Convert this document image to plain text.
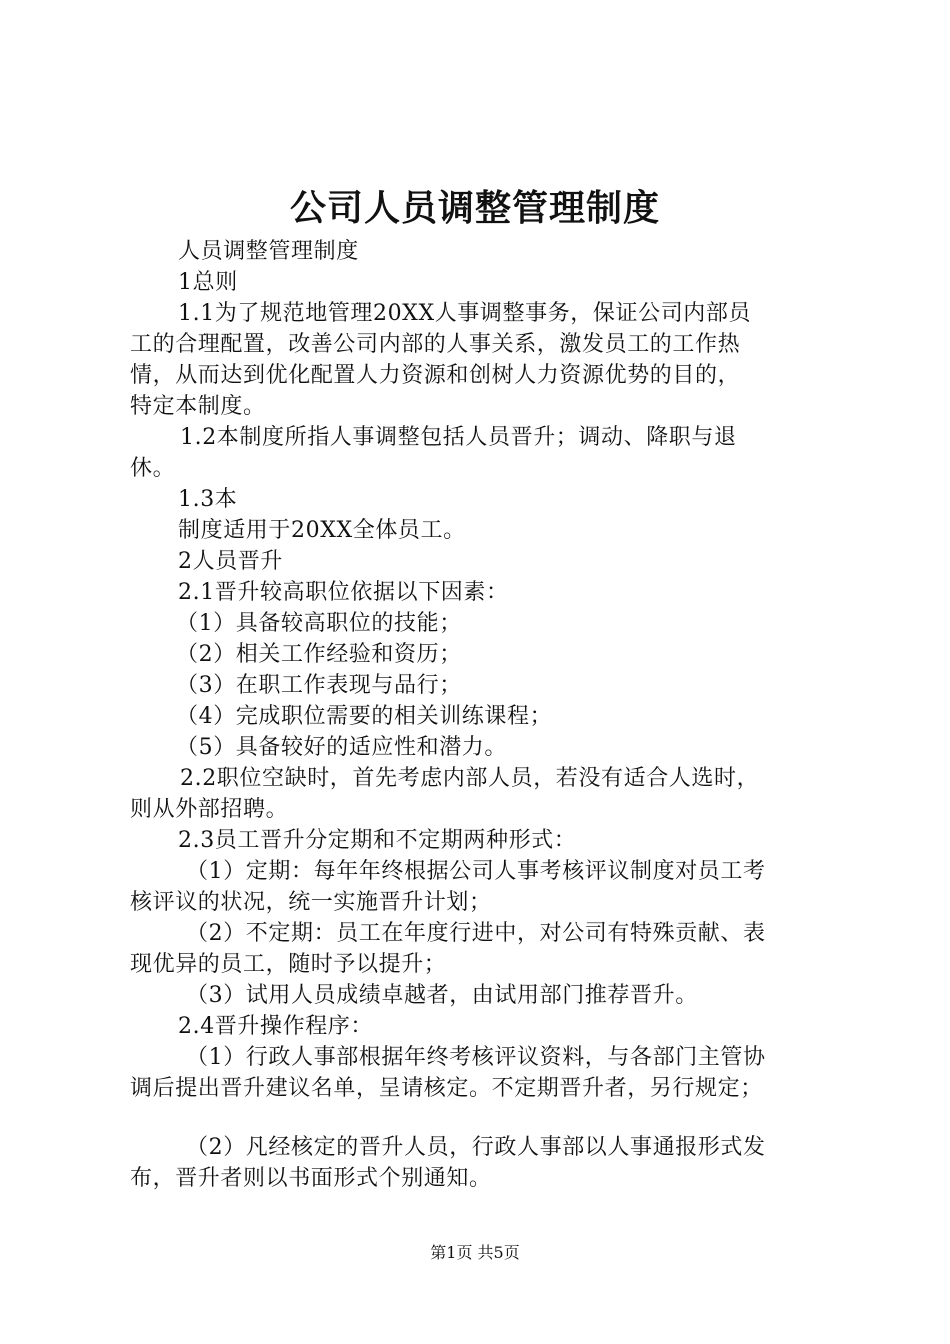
公司人员调整管理制度

人员调整管理制度

1总则

1.1为了规范地管理20XX人事调整事务，保证公司内部员

工的合理配置，改善公司内部的人事关系，激发员工的工作热

情，从而达到优化配置人力资源和创树人力资源优势的目的，

特定本制度。

1.2本制度所指人事调整包括人员晋升；调动、降职与退

休。

1.3本

制度适用于20XX全体员工。

2人员晋升

2.1晋升较高职位依据以下因素：

（1）具备较高职位的技能；

（2）相关工作经验和资历；

（3）在职工作表现与品行；

（4）完成职位需要的相关训练课程；

（5）具备较好的适应性和潜力。

2.2职位空缺时，首先考虑内部人员，若没有适合人选时，

则从外部招聘。

2.3员工晋升分定期和不定期两种形式：

（1）定期：每年年终根据公司人事考核评议制度对员工考

核评议的状况，统一实施晋升计划；

（2）不定期：员工在年度行进中，对公司有特殊贡献、表

现优异的员工，随时予以提升；

（3）试用人员成绩卓越者，由试用部门推荐晋升。

2.4晋升操作程序：

（1）行政人事部根据年终考核评议资料，与各部门主管协

调后提出晋升建议名单，呈请核定。不定期晋升者，另行规定；

（2）凡经核定的晋升人员，行政人事部以人事通报形式发

布，晋升者则以书面形式个别通知。

第1页 共5页
